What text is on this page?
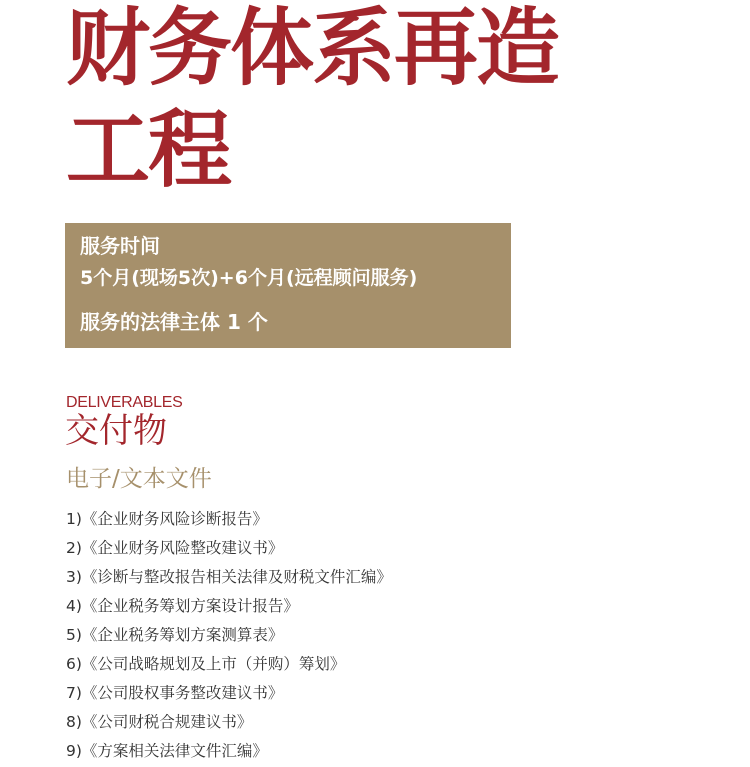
财务体系再造
工程
服务时间
5个月(现场5次)+6个月(远程顾问服务)
服务的法律主体 1 个
DELIVERABLES
交付物
电子/文本文件
1)《企业财务风险诊断报告》
2)《企业财务风险整改建议书》
3)《诊断与整改报告相关法律及财税文件汇编》
4)《企业税务筹划方案设计报告》
5)《企业税务筹划方案测算表》
6)《公司战略规划及上市（并购）筹划》
7)《公司股权事务整改建议书》
8)《公司财税合规建议书》
9)《方案相关法律文件汇编》
